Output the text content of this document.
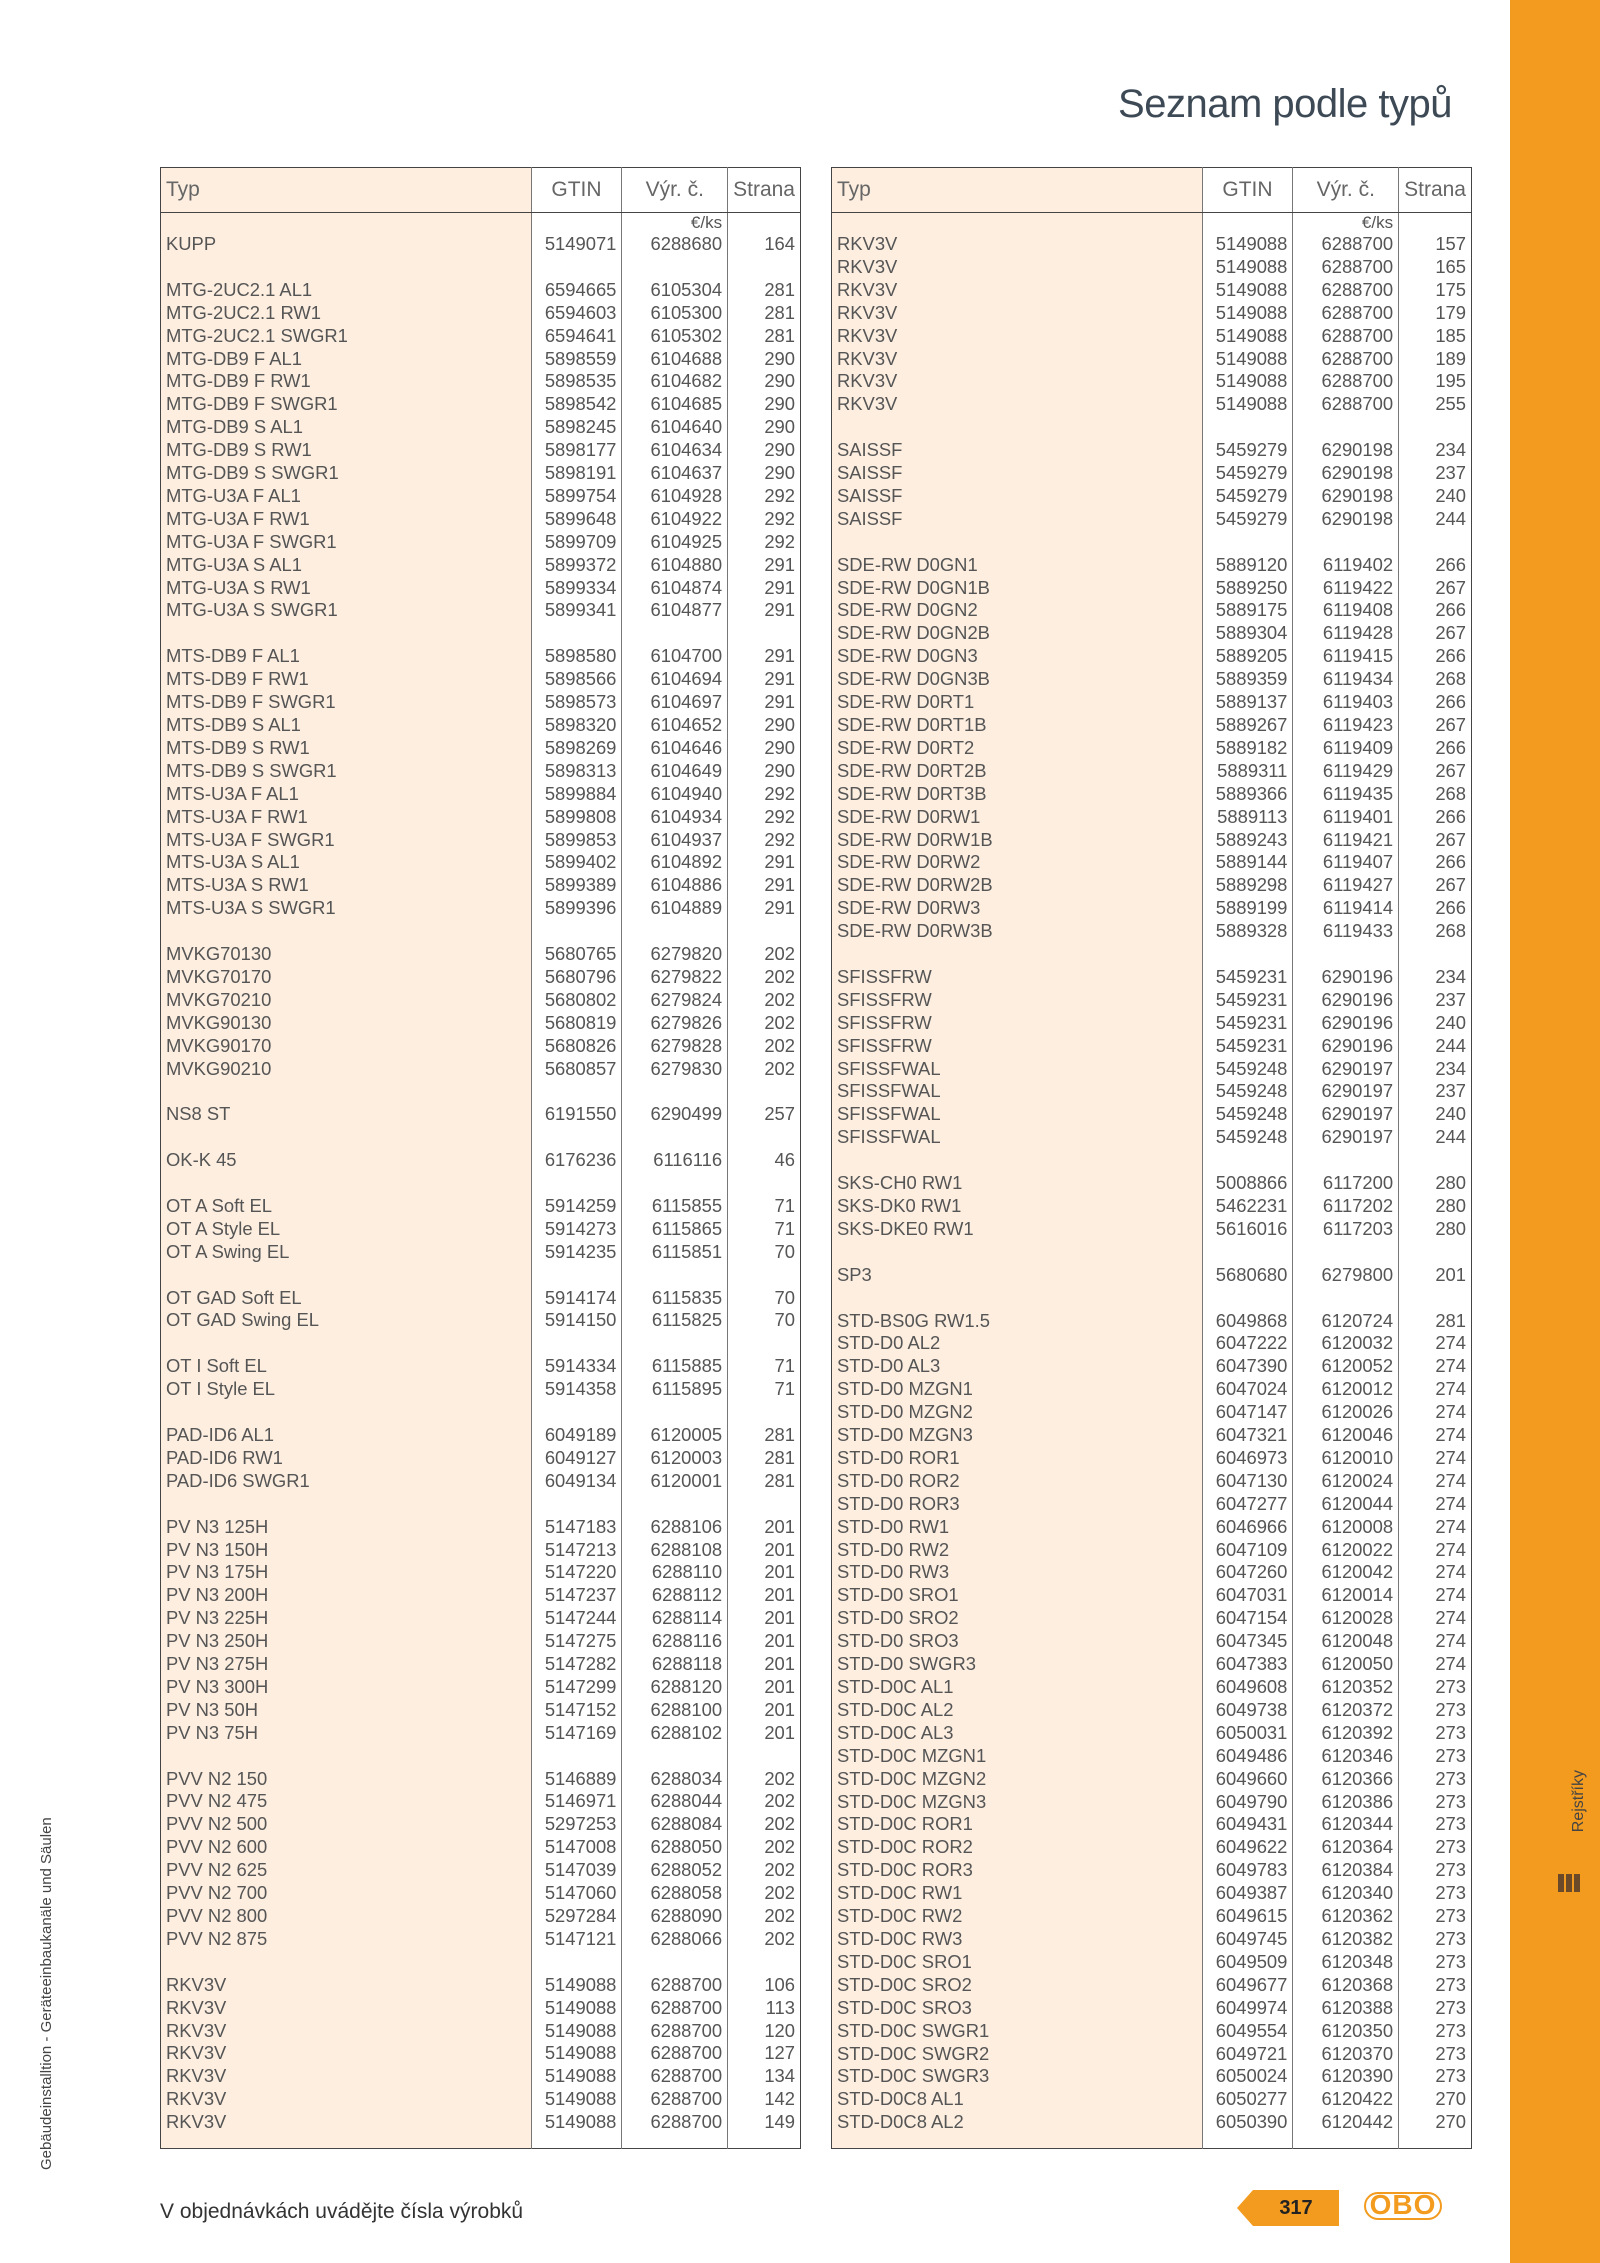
Rejstříky
Seznam podle typů
Gebäudeinstalltion - Geräteeinbaukanäle und Säulen
Typ	GTIN	Výr. č.	Strana
		€/ks	
KUPP	5149071	6288680	164

MTG-2UC2.1 AL1	6594665	6105304	281
MTG-2UC2.1 RW1	6594603	6105300	281
MTG-2UC2.1 SWGR1	6594641	6105302	281
MTG-DB9 F AL1	5898559	6104688	290
MTG-DB9 F RW1	5898535	6104682	290
MTG-DB9 F SWGR1	5898542	6104685	290
MTG-DB9 S AL1	5898245	6104640	290
MTG-DB9 S RW1	5898177	6104634	290
MTG-DB9 S SWGR1	5898191	6104637	290
MTG-U3A F AL1	5899754	6104928	292
MTG-U3A F RW1	5899648	6104922	292
MTG-U3A F SWGR1	5899709	6104925	292
MTG-U3A S AL1	5899372	6104880	291
MTG-U3A S RW1	5899334	6104874	291
MTG-U3A S SWGR1	5899341	6104877	291

MTS-DB9 F AL1	5898580	6104700	291
MTS-DB9 F RW1	5898566	6104694	291
MTS-DB9 F SWGR1	5898573	6104697	291
MTS-DB9 S AL1	5898320	6104652	290
MTS-DB9 S RW1	5898269	6104646	290
MTS-DB9 S SWGR1	5898313	6104649	290
MTS-U3A F AL1	5899884	6104940	292
MTS-U3A F RW1	5899808	6104934	292
MTS-U3A F SWGR1	5899853	6104937	292
MTS-U3A S AL1	5899402	6104892	291
MTS-U3A S RW1	5899389	6104886	291
MTS-U3A S SWGR1	5899396	6104889	291

MVKG70130	5680765	6279820	202
MVKG70170	5680796	6279822	202
MVKG70210	5680802	6279824	202
MVKG90130	5680819	6279826	202
MVKG90170	5680826	6279828	202
MVKG90210	5680857	6279830	202

NS8 ST	6191550	6290499	257

OK-K 45	6176236	6116116	46

OT A Soft EL	5914259	6115855	71
OT A Style EL	5914273	6115865	71
OT A Swing EL	5914235	6115851	70

OT GAD Soft EL	5914174	6115835	70
OT GAD Swing EL	5914150	6115825	70

OT I Soft EL	5914334	6115885	71
OT I Style EL	5914358	6115895	71

PAD-ID6 AL1	6049189	6120005	281
PAD-ID6 RW1	6049127	6120003	281
PAD-ID6 SWGR1	6049134	6120001	281

PV N3 125H	5147183	6288106	201
PV N3 150H	5147213	6288108	201
PV N3 175H	5147220	6288110	201
PV N3 200H	5147237	6288112	201
PV N3 225H	5147244	6288114	201
PV N3 250H	5147275	6288116	201
PV N3 275H	5147282	6288118	201
PV N3 300H	5147299	6288120	201
PV N3 50H	5147152	6288100	201
PV N3 75H	5147169	6288102	201

PVV N2 150	5146889	6288034	202
PVV N2 475	5146971	6288044	202
PVV N2 500	5297253	6288084	202
PVV N2 600	5147008	6288050	202
PVV N2 625	5147039	6288052	202
PVV N2 700	5147060	6288058	202
PVV N2 800	5297284	6288090	202
PVV N2 875	5147121	6288066	202

RKV3V	5149088	6288700	106
RKV3V	5149088	6288700	113
RKV3V	5149088	6288700	120
RKV3V	5149088	6288700	127
RKV3V	5149088	6288700	134
RKV3V	5149088	6288700	142
RKV3V	5149088	6288700	149
Typ	GTIN	Výr. č.	Strana
		€/ks	
RKV3V	5149088	6288700	157
RKV3V	5149088	6288700	165
RKV3V	5149088	6288700	175
RKV3V	5149088	6288700	179
RKV3V	5149088	6288700	185
RKV3V	5149088	6288700	189
RKV3V	5149088	6288700	195
RKV3V	5149088	6288700	255

SAISSF	5459279	6290198	234
SAISSF	5459279	6290198	237
SAISSF	5459279	6290198	240
SAISSF	5459279	6290198	244

SDE-RW D0GN1	5889120	6119402	266
SDE-RW D0GN1B	5889250	6119422	267
SDE-RW D0GN2	5889175	6119408	266
SDE-RW D0GN2B	5889304	6119428	267
SDE-RW D0GN3	5889205	6119415	266
SDE-RW D0GN3B	5889359	6119434	268
SDE-RW D0RT1	5889137	6119403	266
SDE-RW D0RT1B	5889267	6119423	267
SDE-RW D0RT2	5889182	6119409	266
SDE-RW D0RT2B	5889311	6119429	267
SDE-RW D0RT3B	5889366	6119435	268
SDE-RW D0RW1	5889113	6119401	266
SDE-RW D0RW1B	5889243	6119421	267
SDE-RW D0RW2	5889144	6119407	266
SDE-RW D0RW2B	5889298	6119427	267
SDE-RW D0RW3	5889199	6119414	266
SDE-RW D0RW3B	5889328	6119433	268

SFISSFRW	5459231	6290196	234
SFISSFRW	5459231	6290196	237
SFISSFRW	5459231	6290196	240
SFISSFRW	5459231	6290196	244
SFISSFWAL	5459248	6290197	234
SFISSFWAL	5459248	6290197	237
SFISSFWAL	5459248	6290197	240
SFISSFWAL	5459248	6290197	244

SKS-CH0 RW1	5008866	6117200	280
SKS-DK0 RW1	5462231	6117202	280
SKS-DKE0 RW1	5616016	6117203	280

SP3	5680680	6279800	201

STD-BS0G RW1.5	6049868	6120724	281
STD-D0 AL2	6047222	6120032	274
STD-D0 AL3	6047390	6120052	274
STD-D0 MZGN1	6047024	6120012	274
STD-D0 MZGN2	6047147	6120026	274
STD-D0 MZGN3	6047321	6120046	274
STD-D0 ROR1	6046973	6120010	274
STD-D0 ROR2	6047130	6120024	274
STD-D0 ROR3	6047277	6120044	274
STD-D0 RW1	6046966	6120008	274
STD-D0 RW2	6047109	6120022	274
STD-D0 RW3	6047260	6120042	274
STD-D0 SRO1	6047031	6120014	274
STD-D0 SRO2	6047154	6120028	274
STD-D0 SRO3	6047345	6120048	274
STD-D0 SWGR3	6047383	6120050	274
STD-D0C AL1	6049608	6120352	273
STD-D0C AL2	6049738	6120372	273
STD-D0C AL3	6050031	6120392	273
STD-D0C MZGN1	6049486	6120346	273
STD-D0C MZGN2	6049660	6120366	273
STD-D0C MZGN3	6049790	6120386	273
STD-D0C ROR1	6049431	6120344	273
STD-D0C ROR2	6049622	6120364	273
STD-D0C ROR3	6049783	6120384	273
STD-D0C RW1	6049387	6120340	273
STD-D0C RW2	6049615	6120362	273
STD-D0C RW3	6049745	6120382	273
STD-D0C SRO1	6049509	6120348	273
STD-D0C SRO2	6049677	6120368	273
STD-D0C SRO3	6049974	6120388	273
STD-D0C SWGR1	6049554	6120350	273
STD-D0C SWGR2	6049721	6120370	273
STD-D0C SWGR3	6050024	6120390	273
STD-D0C8 AL1	6050277	6120422	270
STD-D0C8 AL2	6050390	6120442	270
V objednávkách uvádějte čísla výrobků	317	OBO
